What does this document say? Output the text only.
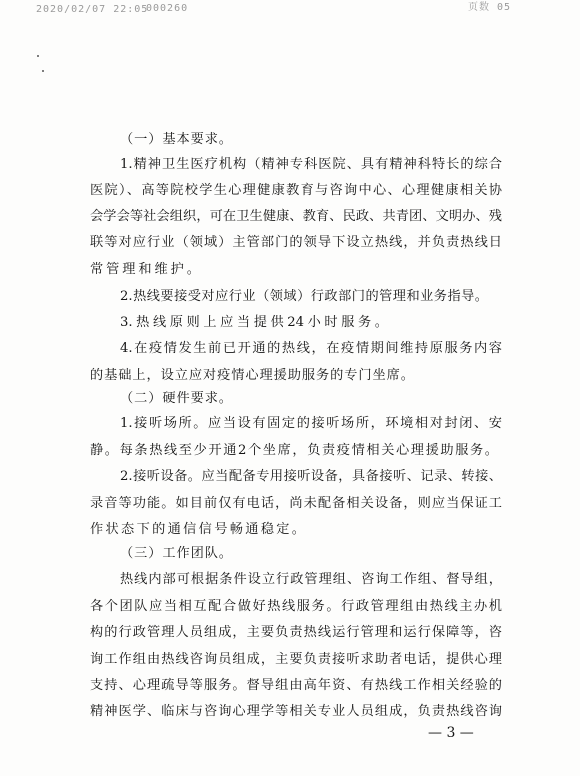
2020/02/07 22:05
000260	页数 05
（一）基本要求。
1.精神卫生医疗机构（精神专科医院、具有精神科特长的综合
医院）、高等院校学生心理健康教育与咨询中心、心理健康相关协
会学会等社会组织，可在卫生健康、教育、民政、共青团、文明办、残
联等对应行业（领域）主管部门的领导下设立热线，并负责热线日
常管理和维护。
2.热线要接受对应行业（领域）行政部门的管理和业务指导。
3.热线原则上应当提供24小时服务。
4.在疫情发生前已开通的热线，在疫情期间维持原服务内容
的基础上，设立应对疫情心理援助服务的专门坐席。
（二）硬件要求。
1.接听场所。应当设有固定的接听场所，环境相对封闭、安
静。每条热线至少开通2个坐席，负责疫情相关心理援助服务。
2.接听设备。应当配备专用接听设备，具备接听、记录、转接、
录音等功能。如目前仅有电话，尚未配备相关设备，则应当保证工
作状态下的通信信号畅通稳定。
（三）工作团队。
热线内部可根据条件设立行政管理组、咨询工作组、督导组，
各个团队应当相互配合做好热线服务。行政管理组由热线主办机
构的行政管理人员组成，主要负责热线运行管理和运行保障等，咨
询工作组由热线咨询员组成，主要负责接听求助者电话，提供心理
支持、心理疏导等服务。督导组由高年资、有热线工作相关经验的
精神医学、临床与咨询心理学等相关专业人员组成，负责热线咨询
— 3 —
